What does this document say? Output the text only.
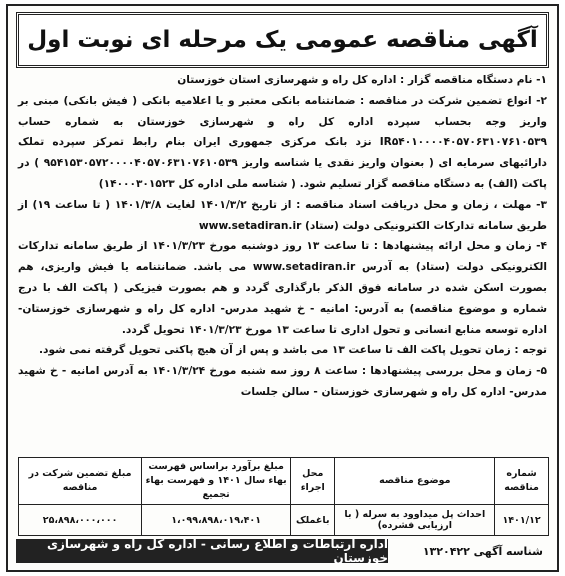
آگهی مناقصه عمومی یک مرحله ای نوبت اول

۱- نام دستگاه مناقصه گزار : اداره کل راه و شهرسازی استان خوزستان

۲- انواع تضمین شرکت در مناقصه : ضمانتنامه بانکی معتبر و یا اعلامیه بانکی ( فیش بانکی) مبنی بر واریز وجه بحساب سپرده اداره کل راه و شهرسازی خوزستان به شماره حساب IR۵۴۰۱۰۰۰۰۴۰۵۷۰۶۳۱۰۷۶۱۰۵۳۹ نزد بانک مرکزی جمهوری ایران بنام رابط تمرکز سپرده تملک دارائیهای سرمایه ای ( بعنوان واریز نقدی یا شناسه واریز ۹۵۴۱۵۳۰۵۷۲۰۰۰۰۴۰۵۷۰۶۳۱۰۷۶۱۰۵۳۹ ) در پاکت (الف) به دستگاه مناقصه گزار تسلیم شود. ( شناسه ملی اداره کل ۱۴۰۰۰۳۰۱۵۲۳)

۳- مهلت ، زمان و محل دریافت اسناد مناقصه : از تاریخ ۱۴۰۱/۳/۲ لغایت ۱۴۰۱/۳/۸ ( تا ساعت ۱۹) از طریق سامانه تدارکات الکترونیکی دولت (ستاد) www.setadiran.ir

۴- زمان و محل ارائه پیشنهادها : تا ساعت ۱۳ روز دوشنبه مورخ ۱۴۰۱/۳/۲۳ از طریق سامانه تدارکات الکترونیکی دولت (ستاد) به آدرس www.setadiran.ir می باشد. ضمانتنامه یا فیش واریزی، هم بصورت اسکن شده در سامانه فوق الذکر بارگذاری گردد و هم بصورت فیزیکی ( پاکت الف با درج شماره و موضوع مناقصه) به آدرس: امانیه - خ شهید مدرس- اداره کل راه و شهرسازی خوزستان- اداره توسعه منابع انسانی و تحول اداری تا ساعت ۱۳ مورخ ۱۴۰۱/۳/۲۳ تحویل گردد.

توجه : زمان تحویل پاکت الف تا ساعت ۱۳ می باشد و پس از آن هیچ پاکتی تحویل گرفته نمی شود.

۵- زمان و محل بررسی پیشنهادها : ساعت ۸ روز سه شنبه مورخ ۱۴۰۱/۳/۲۴ به آدرس امانیه - خ شهید مدرس- اداره کل راه و شهرسازی خوزستان - سالن جلسات

شماره مناقصه	موضوع مناقصه	محل اجراء	مبلغ برآورد براساس فهرست بهاء سال ۱۴۰۱ و فهرست بهاء تجمیع	مبلغ تضمین شرکت در مناقصه
۱۴۰۱/۱۲	احداث پل میداوود به سرله ( با ارزیابی فشرده)	باغملک	۱،۰۹۹،۸۹۸،۰۱۹،۴۰۱	۲۵،۸۹۸،۰۰۰،۰۰۰
شناسه آگهی ۱۳۲۰۴۲۲
اداره ارتباطات و اطلاع رسانی - اداره کل راه و شهرسازی خوزستان
